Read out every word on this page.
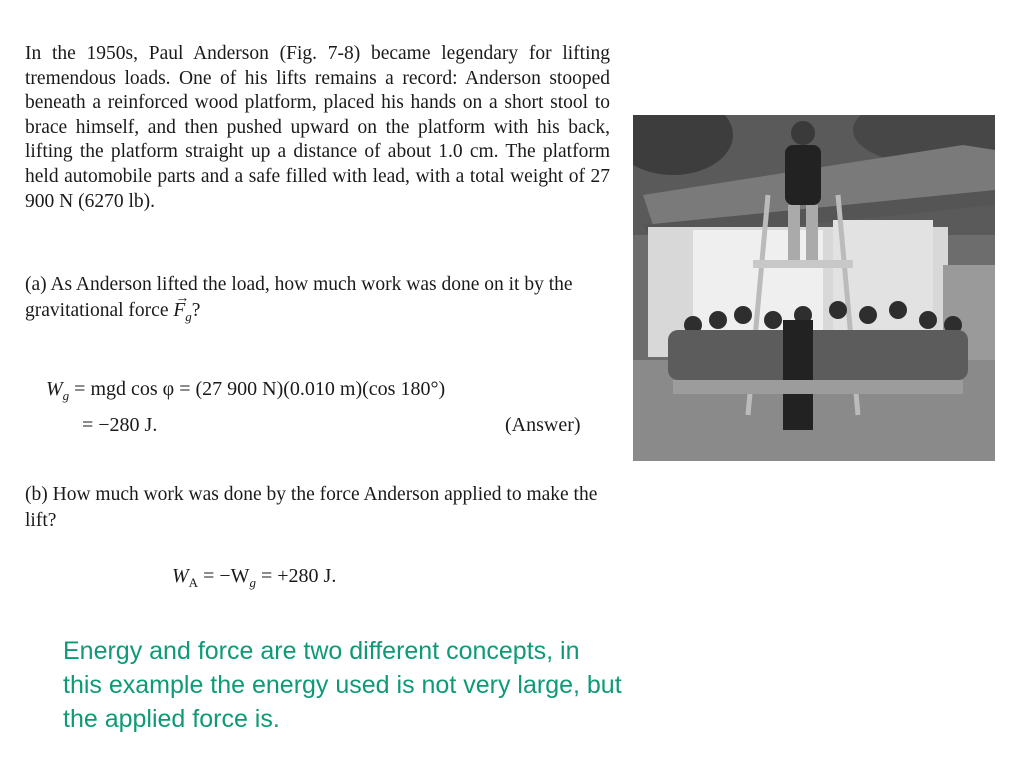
In the 1950s, Paul Anderson (Fig. 7-8) became legendary for lifting tremendous loads. One of his lifts remains a record: Anderson stooped beneath a reinforced wood platform, placed his hands on a short stool to brace himself, and then pushed upward on the platform with his back, lifting the platform straight up a distance of about 1.0 cm. The platform held automobile parts and a safe filled with lead, with a total weight of 27 900 N (6270 lb).
(a) As Anderson lifted the load, how much work was done on it by the gravitational force
→
$F_g$?
$W_g$ = mgd cos φ = (27 900 N)(0.010 m)(cos 180°)
= −280 J.	(Answer)
(b) How much work was done by the force Anderson applied to make the lift?
$W_A = -W_g = +280$ J.
Energy and force are two different concepts, in this example the energy used is not very large, but the applied force is.
